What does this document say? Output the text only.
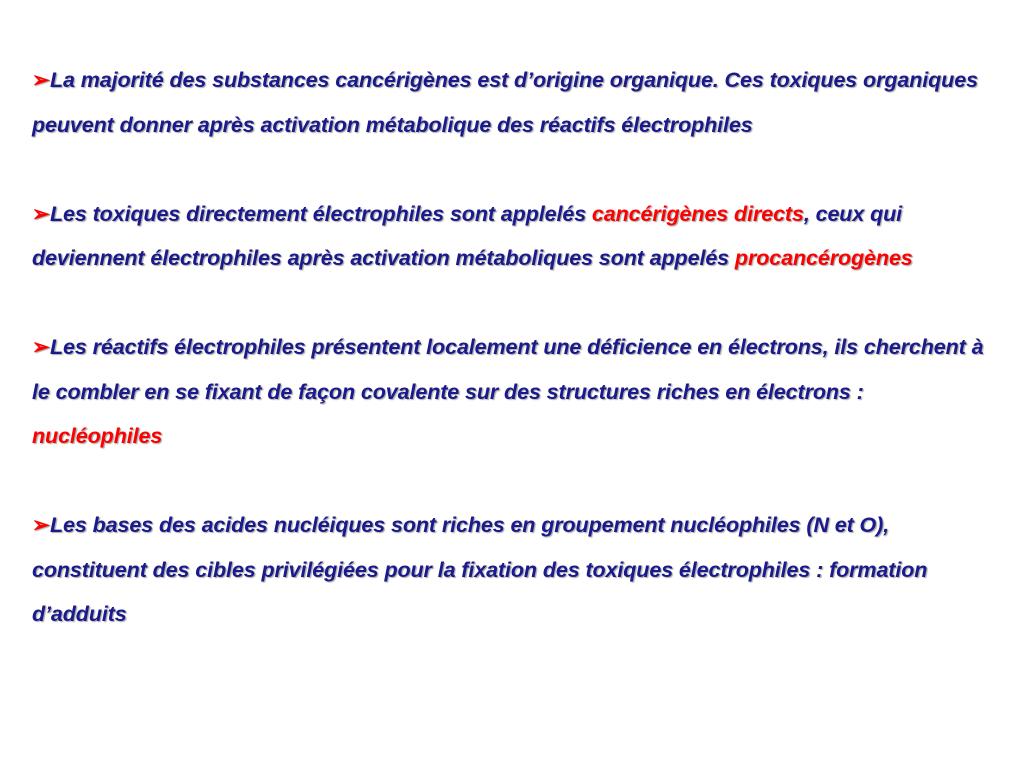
➢La majorité des substances cancérigènes est d’origine organique. Ces toxiques organiques peuvent donner après activation métabolique des réactifs électrophiles

➢Les toxiques directement électrophiles sont applelés cancérigènes directs, ceux qui deviennent électrophiles après activation métaboliques sont appelés procancérogènes

➢Les réactifs électrophiles présentent localement une déficience en électrons, ils cherchent à le combler en se fixant de façon covalente sur des structures riches en électrons : nucléophiles

➢Les bases des acides nucléiques sont riches en groupement nucléophiles (N et O), constituent des cibles privilégiées pour la fixation des toxiques électrophiles : formation d’adduits
